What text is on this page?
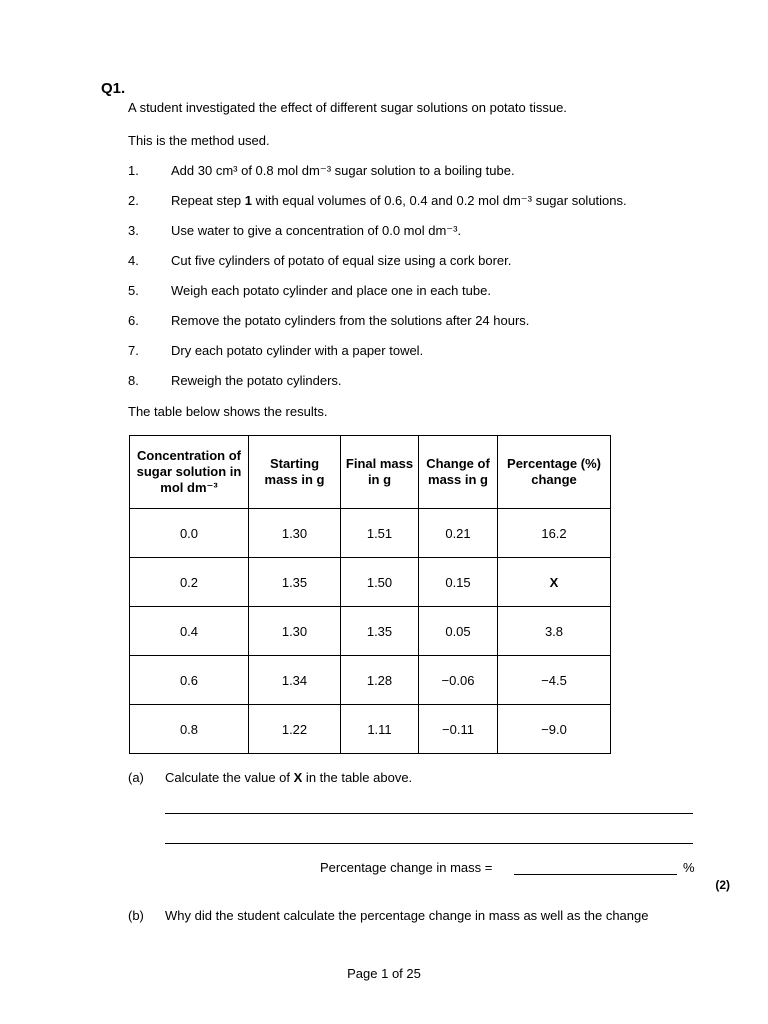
Q1.
A student investigated the effect of different sugar solutions on potato tissue.
This is the method used.
1. Add 30 cm³ of 0.8 mol dm⁻³ sugar solution to a boiling tube.
2. Repeat step 1 with equal volumes of 0.6, 0.4 and 0.2 mol dm⁻³ sugar solutions.
3. Use water to give a concentration of 0.0 mol dm⁻³.
4. Cut five cylinders of potato of equal size using a cork borer.
5. Weigh each potato cylinder and place one in each tube.
6. Remove the potato cylinders from the solutions after 24 hours.
7. Dry each potato cylinder with a paper towel.
8. Reweigh the potato cylinders.
The table below shows the results.
Concentration of sugar solution in mol dm⁻³	Starting mass in g	Final mass in g	Change of mass in g	Percentage (%) change
0.0	1.30	1.51	0.21	16.2
0.2	1.35	1.50	0.15	X
0.4	1.30	1.35	0.05	3.8
0.6	1.34	1.28	−0.06	−4.5
0.8	1.22	1.11	−0.11	−9.0
(a) Calculate the value of X in the table above.
Percentage change in mass =	%
(2)
(b) Why did the student calculate the percentage change in mass as well as the change
Page 1 of 25
